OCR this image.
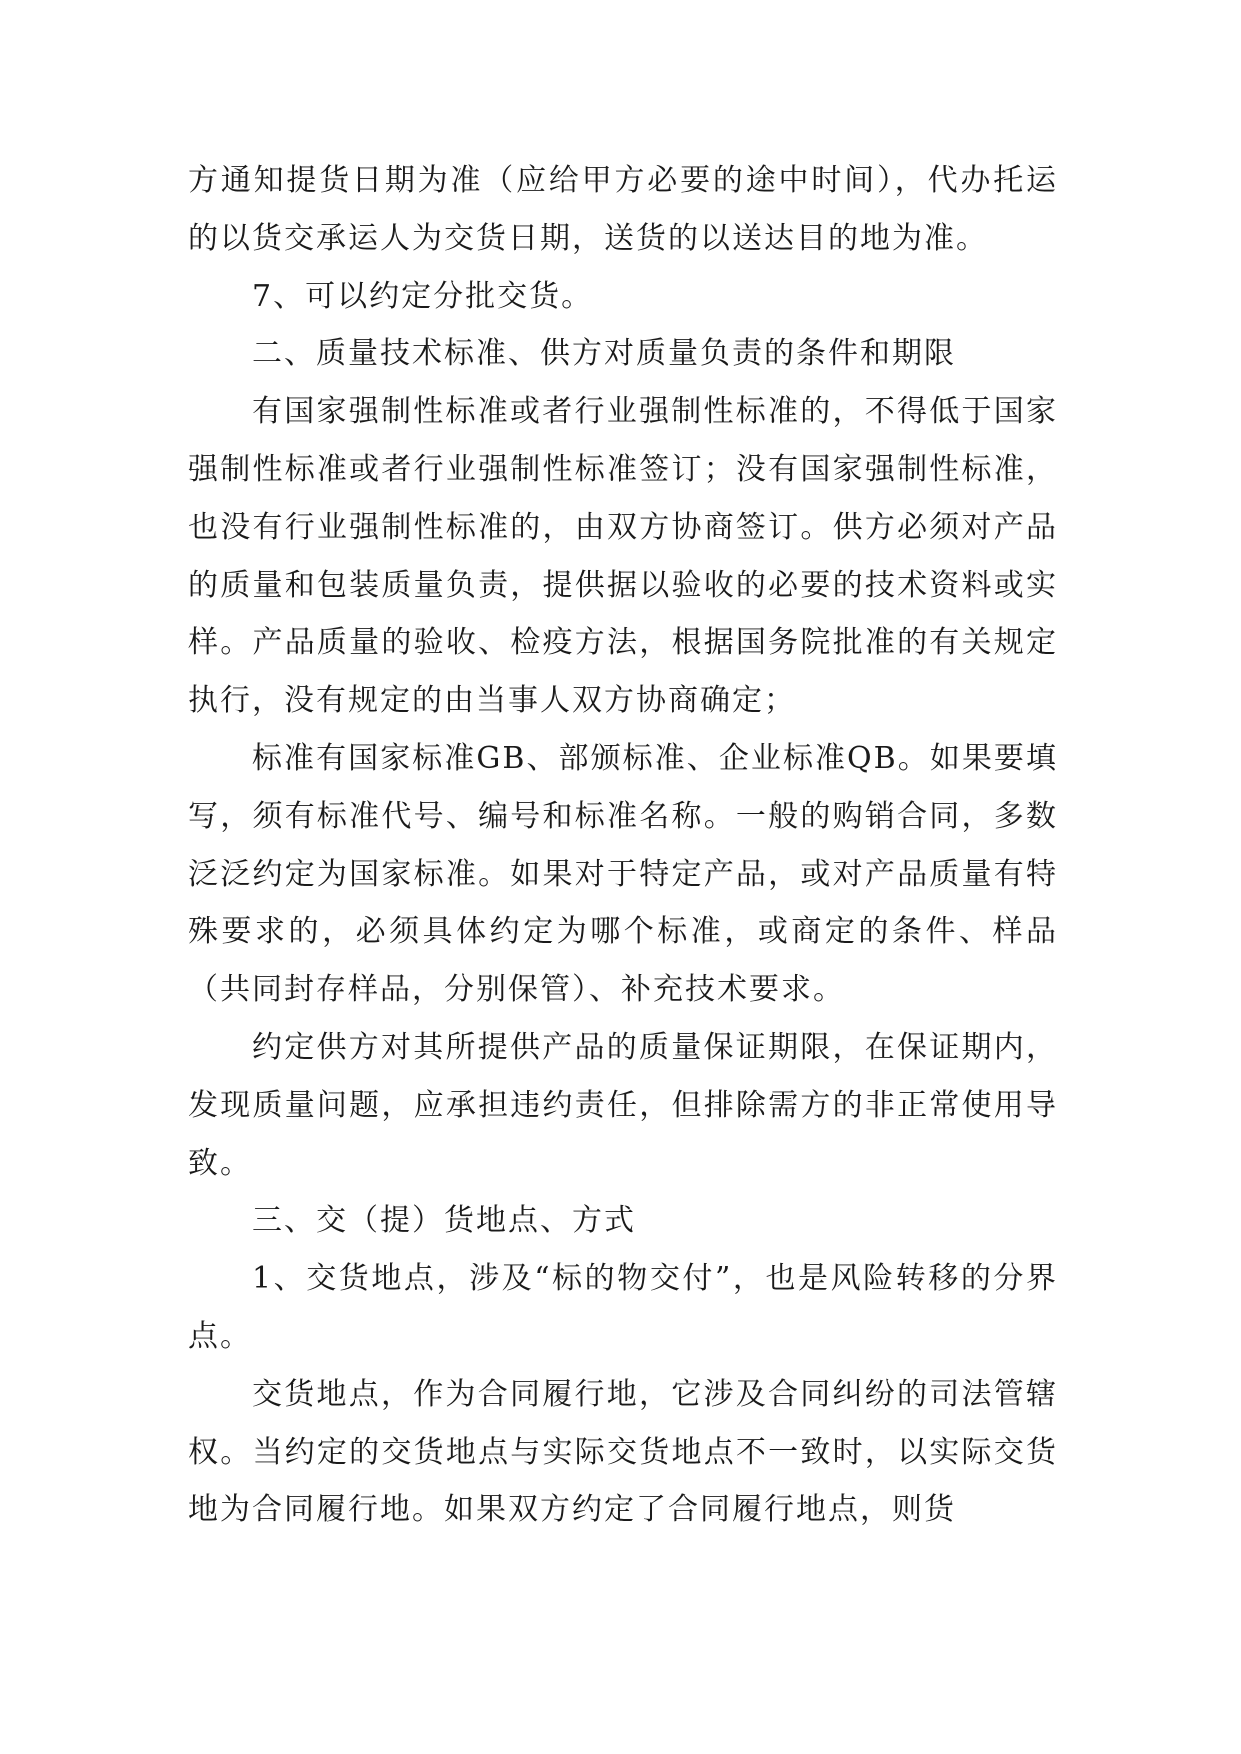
方通知提货日期为准（应给甲方必要的途中时间），代办托运的以货交承运人为交货日期，送货的以送达目的地为准。

7、可以约定分批交货。

二、质量技术标准、供方对质量负责的条件和期限

有国家强制性标准或者行业强制性标准的，不得低于国家强制性标准或者行业强制性标准签订；没有国家强制性标准，也没有行业强制性标准的，由双方协商签订。供方必须对产品的质量和包装质量负责，提供据以验收的必要的技术资料或实样。产品质量的验收、检疫方法，根据国务院批准的有关规定执行，没有规定的由当事人双方协商确定；

标准有国家标准GB、部颁标准、企业标准QB。如果要填写，须有标准代号、编号和标准名称。一般的购销合同，多数泛泛约定为国家标准。如果对于特定产品，或对产品质量有特殊要求的，必须具体约定为哪个标准，或商定的条件、样品（共同封存样品，分别保管）、补充技术要求。

约定供方对其所提供产品的质量保证期限，在保证期内，发现质量问题，应承担违约责任，但排除需方的非正常使用导致。

三、交（提）货地点、方式

1、交货地点，涉及“标的物交付”，也是风险转移的分界点。

交货地点，作为合同履行地，它涉及合同纠纷的司法管辖权。当约定的交货地点与实际交货地点不一致时，以实际交货地为合同履行地。如果双方约定了合同履行地点，则货
